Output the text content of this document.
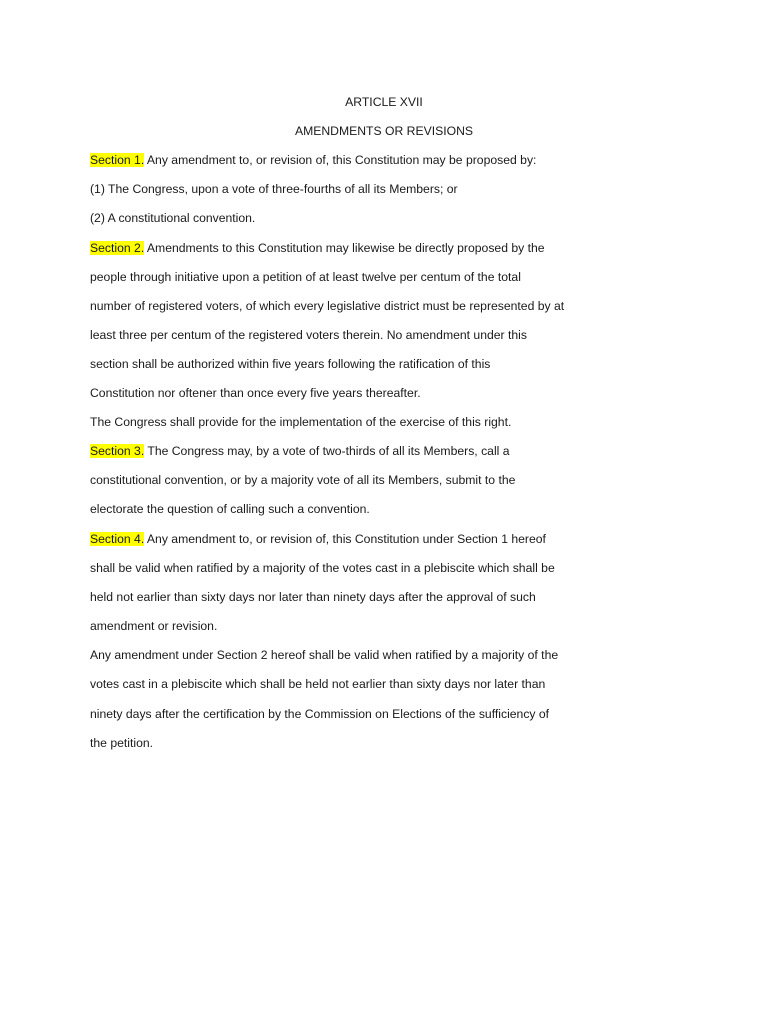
ARTICLE XVII
AMENDMENTS OR REVISIONS
Section 1. Any amendment to, or revision of, this Constitution may be proposed by:
(1) The Congress, upon a vote of three-fourths of all its Members; or
(2) A constitutional convention.
Section 2. Amendments to this Constitution may likewise be directly proposed by the
people through initiative upon a petition of at least twelve per centum of the total
number of registered voters, of which every legislative district must be represented by at
least three per centum of the registered voters therein. No amendment under this
section shall be authorized within five years following the ratification of this
Constitution nor oftener than once every five years thereafter.
The Congress shall provide for the implementation of the exercise of this right.
Section 3. The Congress may, by a vote of two-thirds of all its Members, call a
constitutional convention, or by a majority vote of all its Members, submit to the
electorate the question of calling such a convention.
Section 4. Any amendment to, or revision of, this Constitution under Section 1 hereof
shall be valid when ratified by a majority of the votes cast in a plebiscite which shall be
held not earlier than sixty days nor later than ninety days after the approval of such
amendment or revision.
Any amendment under Section 2 hereof shall be valid when ratified by a majority of the
votes cast in a plebiscite which shall be held not earlier than sixty days nor later than
ninety days after the certification by the Commission on Elections of the sufficiency of
the petition.
